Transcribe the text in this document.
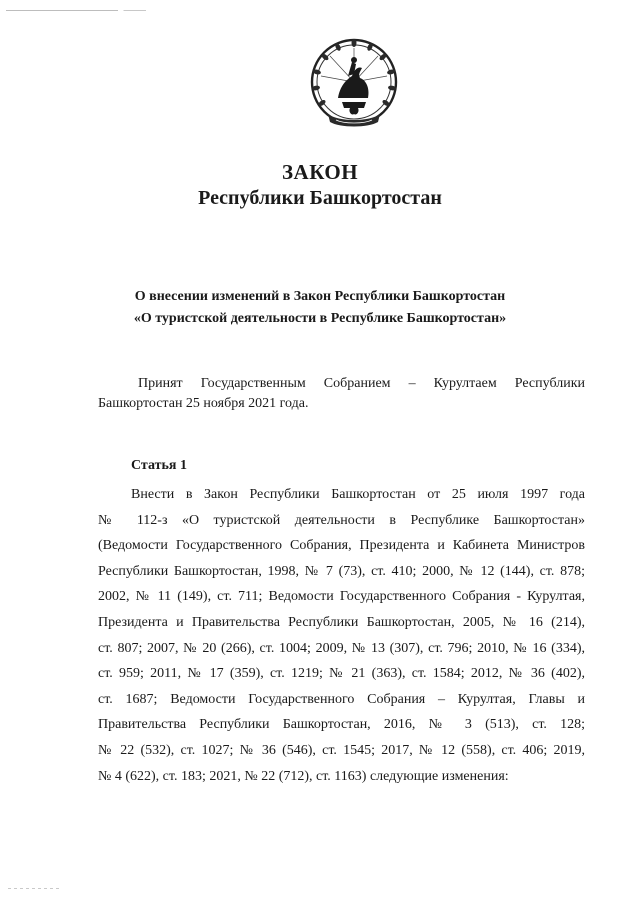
ЗАКОН
Республики Башкортостан
О внесении изменений в Закон Республики Башкортостан
«О туристской деятельности в Республике Башкортостан»
Принят Государственным Собранием – Курултаем Республики
Башкортостан 25 ноября 2021 года.
Статья 1
Внести в Закон Республики Башкортостан от 25 июля 1997 года
№ 112-з «О туристской деятельности в Республике Башкортостан»
(Ведомости Государственного Собрания, Президента и Кабинета Министров
Республики Башкортостан, 1998, № 7 (73), ст. 410; 2000, № 12 (144), ст. 878;
2002, № 11 (149), ст. 711; Ведомости Государственного Собрания - Курултая,
Президента и Правительства Республики Башкортостан, 2005, № 16 (214),
ст. 807; 2007, № 20 (266), ст. 1004; 2009, № 13 (307), ст. 796; 2010, № 16 (334),
ст. 959; 2011, № 17 (359), ст. 1219; № 21 (363), ст. 1584; 2012, № 36 (402),
ст. 1687; Ведомости Государственного Собрания – Курултая, Главы и
Правительства Республики Башкортостан, 2016, № 3 (513), ст. 128;
№ 22 (532), ст. 1027; № 36 (546), ст. 1545; 2017, № 12 (558), ст. 406; 2019,
№ 4 (622), ст. 183; 2021, № 22 (712), ст. 1163) следующие изменения:
